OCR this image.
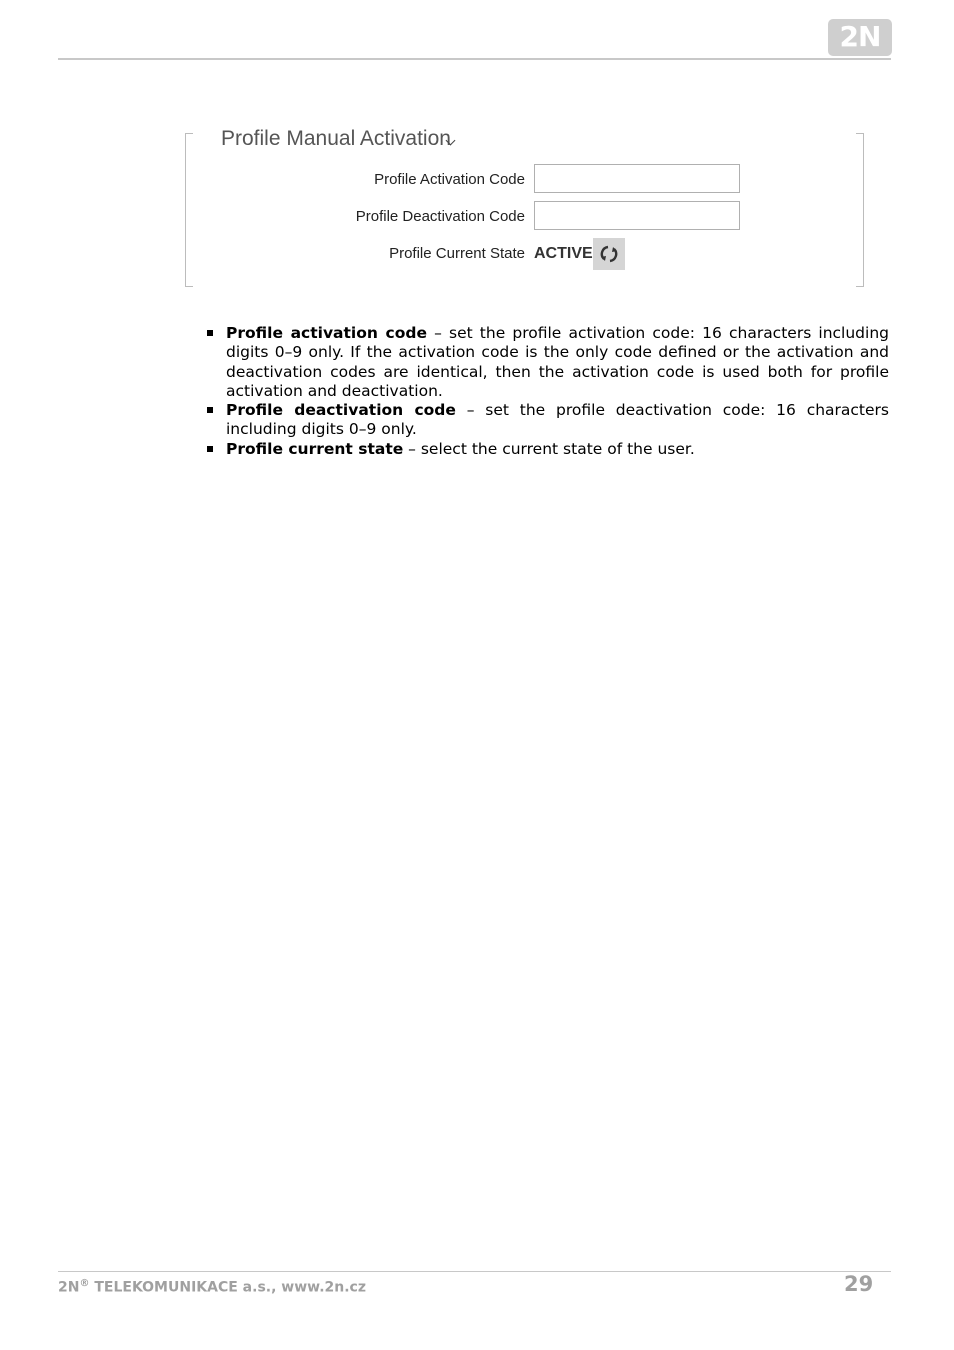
2N
Profile Manual Activation
Profile Activation Code
Profile Deactivation Code
Profile Current State ACTIVE
Profile activation code – set the profile activation code: 16 characters including digits 0–9 only. If the activation code is the only code defined or the activation and deactivation codes are identical, then the activation code is used both for profile activation and deactivation.
Profile deactivation code – set the profile deactivation code: 16 characters including digits 0–9 only.
Profile current state – select the current state of the user.
2N® TELEKOMUNIKACE a.s., www.2n.cz	29
